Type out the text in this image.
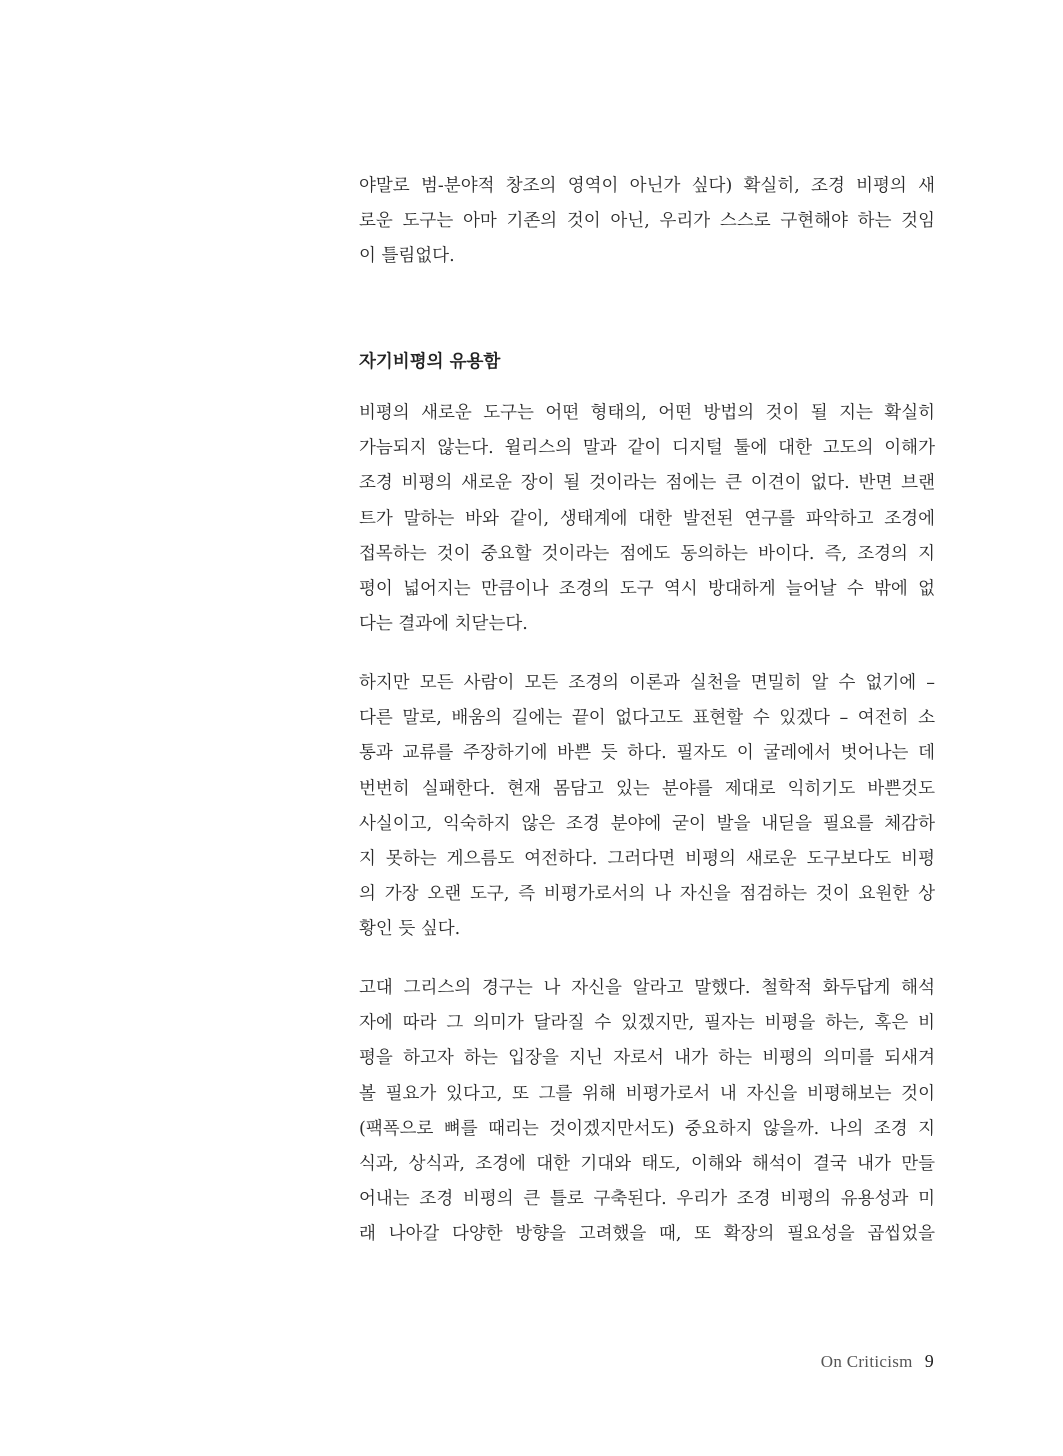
야말로 범-분야적 창조의 영역이 아닌가 싶다) 확실히, 조경 비평의 새
로운 도구는 아마 기존의 것이 아닌, 우리가 스스로 구현해야 하는 것임
이 틀림없다.

자기비평의 유용함

비평의 새로운 도구는 어떤 형태의, 어떤 방법의 것이 될 지는 확실히
가늠되지 않는다. 윌리스의 말과 같이 디지털 툴에 대한 고도의 이해가
조경 비평의 새로운 장이 될 것이라는 점에는 큰 이견이 없다. 반면 브랜
트가 말하는 바와 같이, 생태계에 대한 발전된 연구를 파악하고 조경에
접목하는 것이 중요할 것이라는 점에도 동의하는 바이다. 즉, 조경의 지
평이 넓어지는 만큼이나 조경의 도구 역시 방대하게 늘어날 수 밖에 없
다는 결과에 치닫는다.

하지만 모든 사람이 모든 조경의 이론과 실천을 면밀히 알 수 없기에 –
다른 말로, 배움의 길에는 끝이 없다고도 표현할 수 있겠다 – 여전히 소
통과 교류를 주장하기에 바쁜 듯 하다. 필자도 이 굴레에서 벗어나는 데
번번히 실패한다. 현재 몸담고 있는 분야를 제대로 익히기도 바쁜것도
사실이고, 익숙하지 않은 조경 분야에 굳이 발을 내딛을 필요를 체감하
지 못하는 게으름도 여전하다. 그러다면 비평의 새로운 도구보다도 비평
의 가장 오랜 도구, 즉 비평가로서의 나 자신을 점검하는 것이 요원한 상
황인 듯 싶다.

고대 그리스의 경구는 나 자신을 알라고 말했다. 철학적 화두답게 해석
자에 따라 그 의미가 달라질 수 있겠지만, 필자는 비평을 하는, 혹은 비
평을 하고자 하는 입장을 지닌 자로서 내가 하는 비평의 의미를 되새겨
볼 필요가 있다고, 또 그를 위해 비평가로서 내 자신을 비평해보는 것이
(팩폭으로 뼈를 때리는 것이겠지만서도) 중요하지 않을까. 나의 조경 지
식과, 상식과, 조경에 대한 기대와 태도, 이해와 해석이 결국 내가 만들
어내는 조경 비평의 큰 틀로 구축된다. 우리가 조경 비평의 유용성과 미
래 나아갈 다양한 방향을 고려했을 때, 또 확장의 필요성을 곱씹었을

On Criticism 9
